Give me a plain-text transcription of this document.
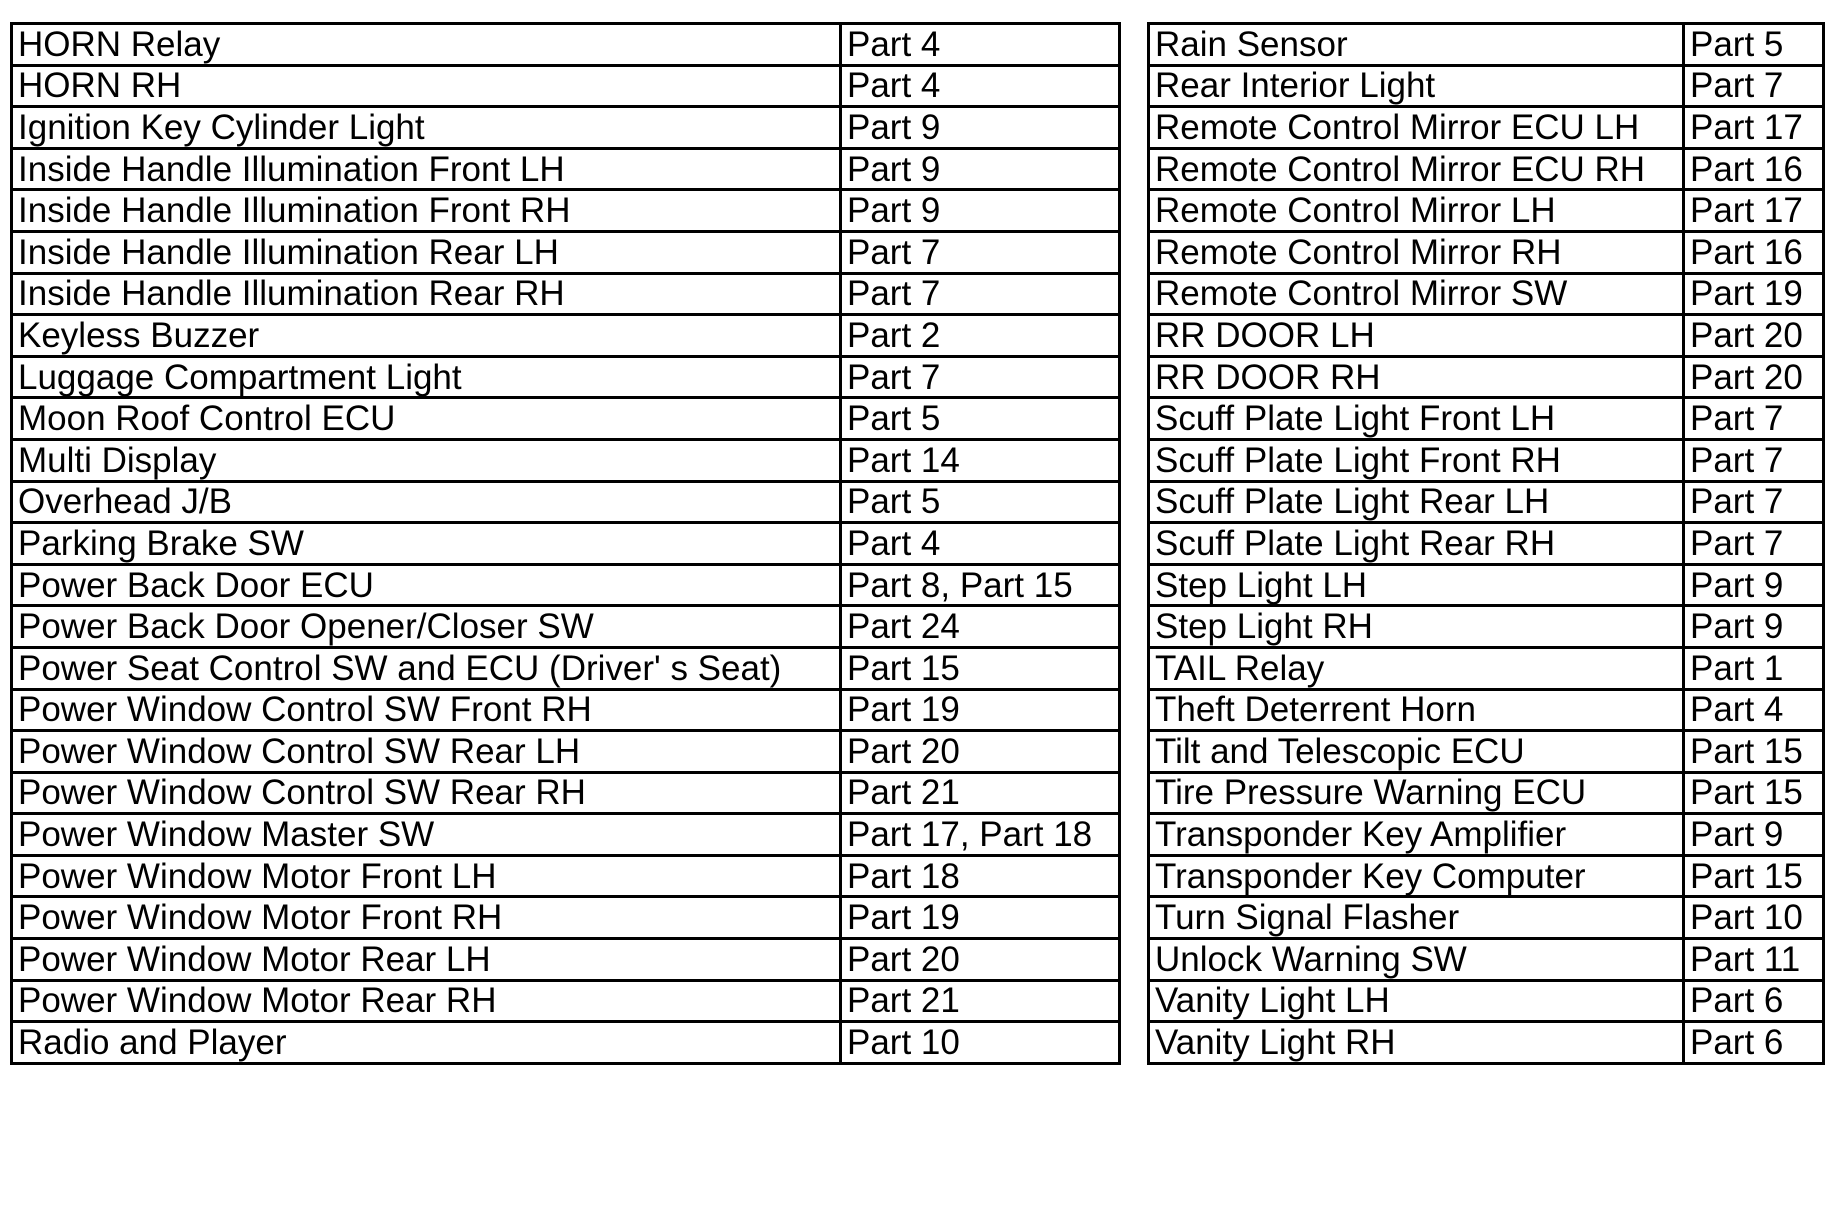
HORN Relay	Part 4		Rain Sensor	Part 5
HORN RH	Part 4		Rear Interior Light	Part 7
Ignition Key Cylinder Light	Part 9		Remote Control Mirror ECU LH	Part 17
Inside Handle Illumination Front LH	Part 9		Remote Control Mirror ECU RH	Part 16
Inside Handle Illumination Front RH	Part 9		Remote Control Mirror LH	Part 17
Inside Handle Illumination Rear LH	Part 7		Remote Control Mirror RH	Part 16
Inside Handle Illumination Rear RH	Part 7		Remote Control Mirror SW	Part 19
Keyless Buzzer	Part 2		RR DOOR LH	Part 20
Luggage Compartment Light	Part 7		RR DOOR RH	Part 20
Moon Roof Control ECU	Part 5		Scuff Plate Light Front LH	Part 7
Multi Display	Part 14		Scuff Plate Light Front RH	Part 7
Overhead J/B	Part 5		Scuff Plate Light Rear LH	Part 7
Parking Brake SW	Part 4		Scuff Plate Light Rear RH	Part 7
Power Back Door ECU	Part 8, Part 15		Step Light LH	Part 9
Power Back Door Opener/Closer SW	Part 24		Step Light RH	Part 9
Power Seat Control SW and ECU (Driver' s Seat)	Part 15		TAIL Relay	Part 1
Power Window Control SW Front RH	Part 19		Theft Deterrent Horn	Part 4
Power Window Control SW Rear LH	Part 20		Tilt and Telescopic ECU	Part 15
Power Window Control SW Rear RH	Part 21		Tire Pressure Warning ECU	Part 15
Power Window Master SW	Part 17, Part 18		Transponder Key Amplifier	Part 9
Power Window Motor Front LH	Part 18		Transponder Key Computer	Part 15
Power Window Motor Front RH	Part 19		Turn Signal Flasher	Part 10
Power Window Motor Rear LH	Part 20		Unlock Warning SW	Part 11
Power Window Motor Rear RH	Part 21		Vanity Light LH	Part 6
Radio and Player	Part 10		Vanity Light RH	Part 6
